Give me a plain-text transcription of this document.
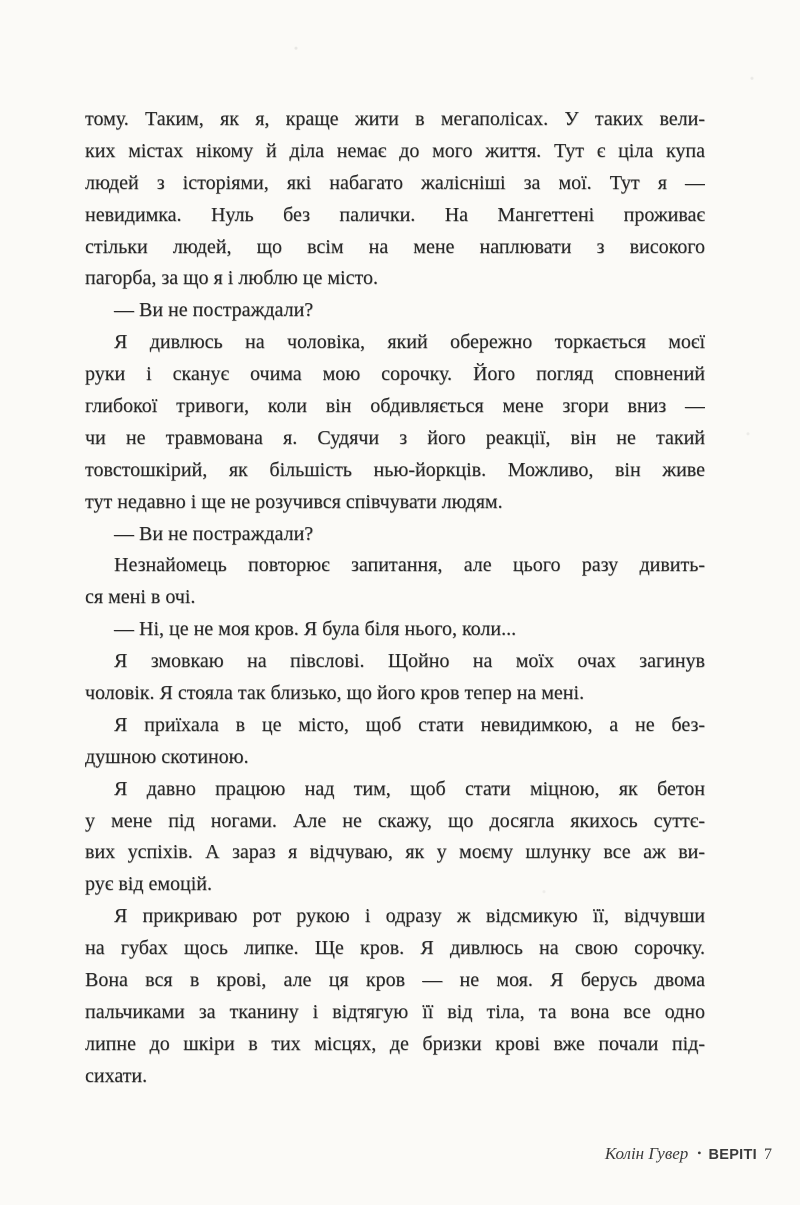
тому. Таким, як я, краще жити в мегаполісах. У таких вели-
ких містах нікому й діла немає до мого життя. Тут є ціла купа
людей з історіями, які набагато жалісніші за мої. Тут я —
невидимка. Нуль без палички. На Мангеттені проживає
стільки людей, що всім на мене наплювати з високого
пагорба, за що я і люблю це місто.
— Ви не постраждали?
Я дивлюсь на чоловіка, який обережно торкається моєї
руки і сканує очима мою сорочку. Його погляд сповнений
глибокої тривоги, коли він обдивляється мене згори вниз —
чи не травмована я. Судячи з його реакції, він не такий
товстошкірий, як більшість нью-йоркців. Можливо, він живе
тут недавно і ще не розучився співчувати людям.
— Ви не постраждали?
Незнайомець повторює запитання, але цього разу дивить-
ся мені в очі.
— Ні, це не моя кров. Я була біля нього, коли...
Я змовкаю на півслові. Щойно на моїх очах загинув
чоловік. Я стояла так близько, що його кров тепер на мені.
Я приїхала в це місто, щоб стати невидимкою, а не без-
душною скотиною.
Я давно працюю над тим, щоб стати міцною, як бетон
у мене під ногами. Але не скажу, що досягла якихось суттє-
вих успіхів. А зараз я відчуваю, як у моєму шлунку все аж ви-
рує від емоцій.
Я прикриваю рот рукою і одразу ж відсмикую її, відчувши
на губах щось липке. Ще кров. Я дивлюсь на свою сорочку.
Вона вся в крові, але ця кров — не моя. Я берусь двома
пальчиками за тканину і відтягую її від тіла, та вона все одно
липне до шкіри в тих місцях, де бризки крові вже почали під-
сихати.
Колін Гувер • ВЕРІТІ 7
